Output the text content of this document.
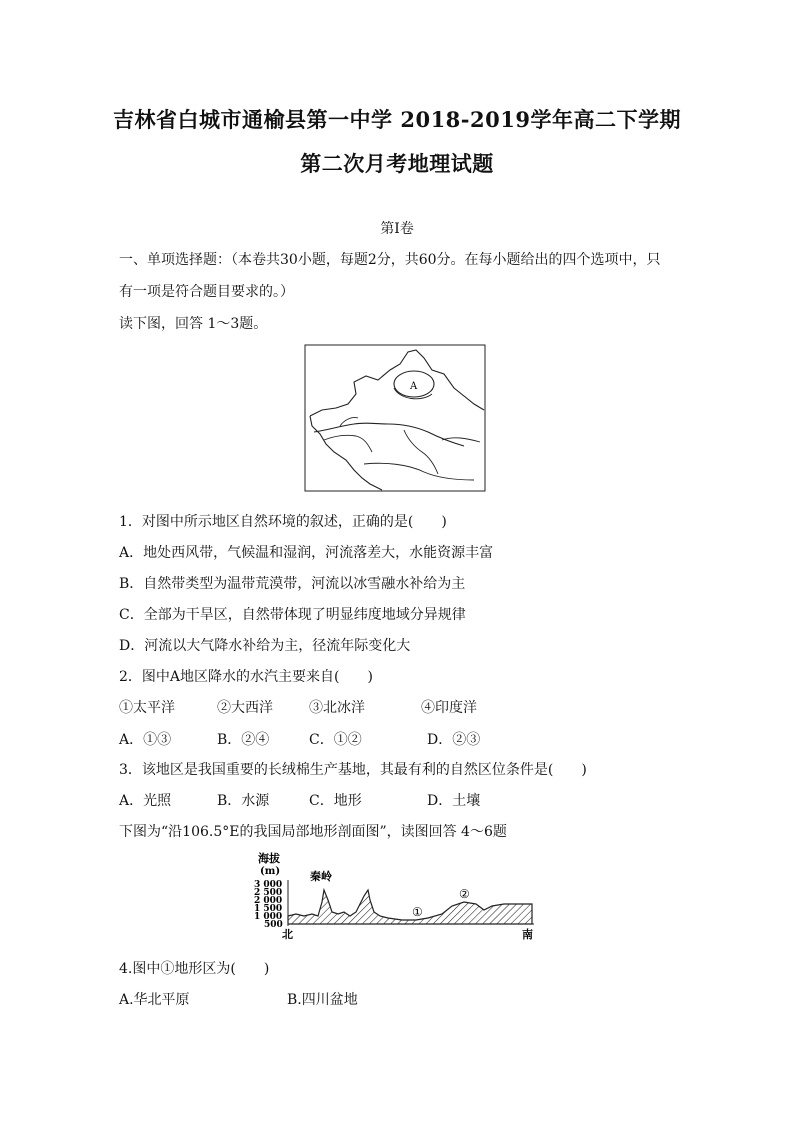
吉林省白城市通榆县第一中学 2018-2019学年高二下学期
第二次月考地理试题
第Ⅰ卷
一、单项选择题：（本卷共30小题，每题2分，共60分。在每小题给出的四个选项中，只
有一项是符合题目要求的。）
读下图，回答 1～3题。
A
1．对图中所示地区自然环境的叙述，正确的是(　　)
A．地处西风带，气候温和湿润，河流落差大，水能资源丰富
B．自然带类型为温带荒漠带，河流以冰雪融水补给为主
C．全部为干旱区，自然带体现了明显纬度地域分异规律
D．河流以大气降水补给为主，径流年际变化大
2．图中A地区降水的水汽主要来自(　　)
①太平洋	②大西洋	③北冰洋	④印度洋
A．①③	B．②④	C．①②	D．②③
3．该地区是我国重要的长绒棉生产基地，其最有利的自然区位条件是(　　)
A．光照	B．水源	C．地形	D．土壤
下图为“沿106.5°E的我国局部地形剖面图”，读图回答 4～6题
海拔
(m)
3 000
2 500
2 000
1 500
1 000
500
秦岭
①
②
北	南
4.图中①地形区为(　　)
A.华北平原	B.四川盆地
